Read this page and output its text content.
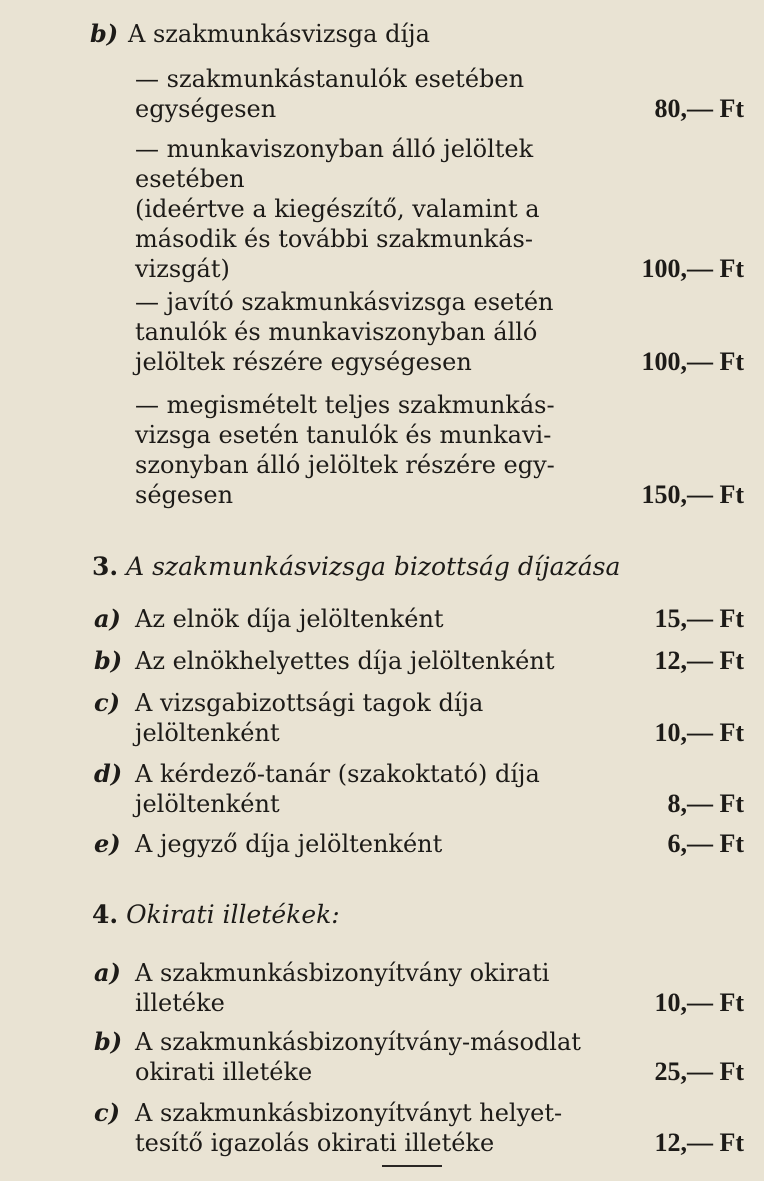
b) A szakmunkásvizsga díja
— szakmunkástanulók esetében
egységesen	80,— Ft
— munkaviszonyban álló jelöltek
esetében
(ideértve a kiegészítő, valamint a
második és további szakmunkás-
vizsgát)	100,— Ft
— javító szakmunkásvizsga esetén
tanulók és munkaviszonyban álló
jelöltek részére egységesen	100,— Ft
— megismételt teljes szakmunkás-
vizsga esetén tanulók és munkavi-
szonyban álló jelöltek részére egy-
ségesen	150,— Ft
3. A szakmunkásvizsga bizottság díjazása
a) Az elnök díja jelöltenként	15,— Ft
b) Az elnökhelyettes díja jelöltenként	12,— Ft
c) A vizsgabizottsági tagok díja
jelöltenként	10,— Ft
d) A kérdező-tanár (szakoktató) díja
jelöltenként	8,— Ft
e) A jegyző díja jelöltenként	6,— Ft
4. Okirati illetékek:
a) A szakmunkásbizonyítvány okirati
illetéke	10,— Ft
b) A szakmunkásbizonyítvány-másodlat
okirati illetéke	25,— Ft
c) A szakmunkásbizonyítványt helyet-
tesítő igazolás okirati illetéke	12,— Ft
